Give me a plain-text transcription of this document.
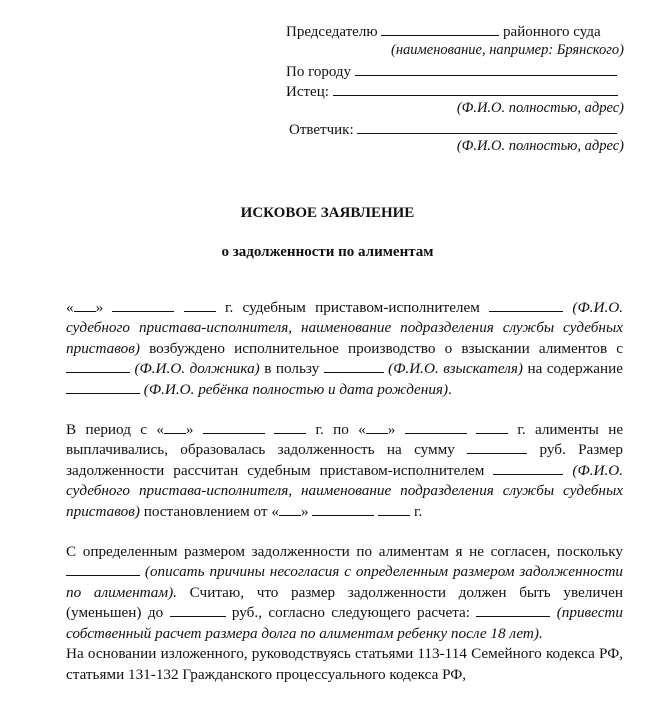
Председателю	районного суда
(наименование, например: Брянского)
По городу
Истец:
(Ф.И.О. полностью, адрес)
Ответчик:
(Ф.И.О. полностью, адрес)
ИСКОВОЕ ЗАЯВЛЕНИЕ
о задолженности по алиментам

« »	г. судебным приставом-исполнителем	(Ф.И.О. судебного пристава-исполнителя, наименование подразделения службы судебных приставов) возбуждено исполнительное производство о взыскании алиментов с  (Ф.И.О. должника) в пользу	(Ф.И.О. взыскателя) на содержание  (Ф.И.О. ребёнка полностью и дата рождения).

В период с « »	г. по « »	г. алименты не выплачивались, образовалась задолженность на сумму	руб. Размер задолженности рассчитан судебным приставом-исполнителем	(Ф.И.О. судебного пристава-исполнителя, наименование подразделения службы судебных приставов) постановлением от « »	г.

С определенным размером задолженности по алиментам я не согласен, поскольку  (описать причины несогласия с определенным размером задолженности по алиментам). Считаю, что размер задолженности должен быть увеличен (уменьшен) до	руб., согласно следующего расчета:	(привести собственный расчет размера долга по алиментам ребенку после 18 лет).

На основании изложенного, руководствуясь статьями 113-114 Семейного кодекса РФ, статьями 131-132 Гражданского процессуального кодекса РФ,
